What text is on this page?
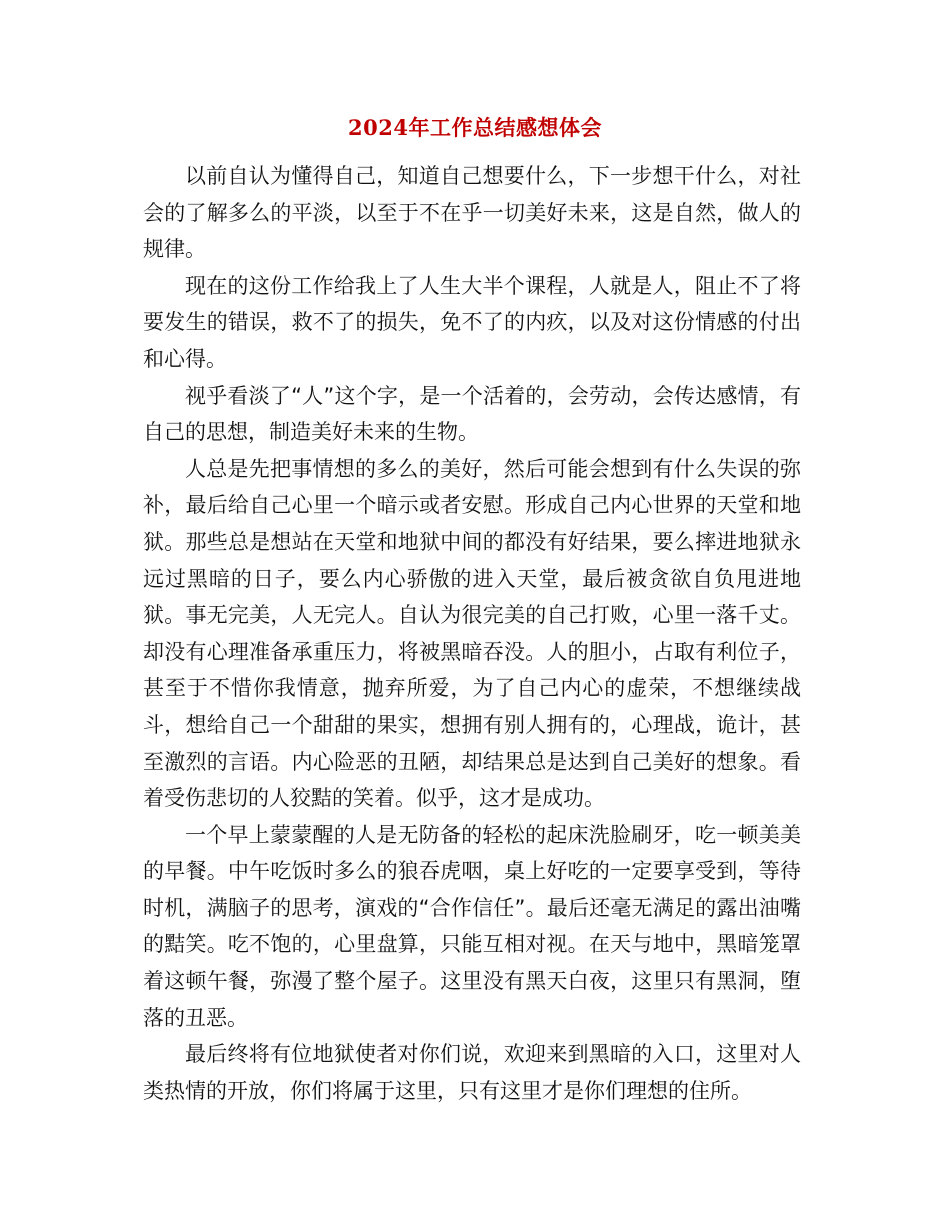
2024年工作总结感想体会

以前自认为懂得自己，知道自己想要什么，下一步想干什么，对社会的了解多么的平淡，以至于不在乎一切美好未来，这是自然，做人的规律。

现在的这份工作给我上了人生大半个课程，人就是人，阻止不了将要发生的错误，救不了的损失，免不了的内疚，以及对这份情感的付出和心得。

视乎看淡了“人”这个字，是一个活着的，会劳动，会传达感情，有自己的思想，制造美好未来的生物。

人总是先把事情想的多么的美好，然后可能会想到有什么失误的弥补，最后给自己心里一个暗示或者安慰。形成自己内心世界的天堂和地狱。那些总是想站在天堂和地狱中间的都没有好结果，要么摔进地狱永远过黑暗的日子，要么内心骄傲的进入天堂，最后被贪欲自负甩进地狱。事无完美，人无完人。自认为很完美的自己打败，心里一落千丈。却没有心理准备承重压力，将被黑暗吞没。人的胆小，占取有利位子，甚至于不惜你我情意，抛弃所爱，为了自己内心的虚荣，不想继续战斗，想给自己一个甜甜的果实，想拥有别人拥有的，心理战，诡计，甚至激烈的言语。内心险恶的丑陋，却结果总是达到自己美好的想象。看着受伤悲切的人狡黠的笑着。似乎，这才是成功。

一个早上蒙蒙醒的人是无防备的轻松的起床洗脸刷牙，吃一顿美美的早餐。中午吃饭时多么的狼吞虎咽，桌上好吃的一定要享受到，等待时机，满脑子的思考，演戏的“合作信任”。最后还毫无满足的露出油嘴的黠笑。吃不饱的，心里盘算，只能互相对视。在天与地中，黑暗笼罩着这顿午餐，弥漫了整个屋子。这里没有黑天白夜，这里只有黑洞，堕落的丑恶。

最后终将有位地狱使者对你们说，欢迎来到黑暗的入口，这里对人类热情的开放，你们将属于这里，只有这里才是你们理想的住所。
